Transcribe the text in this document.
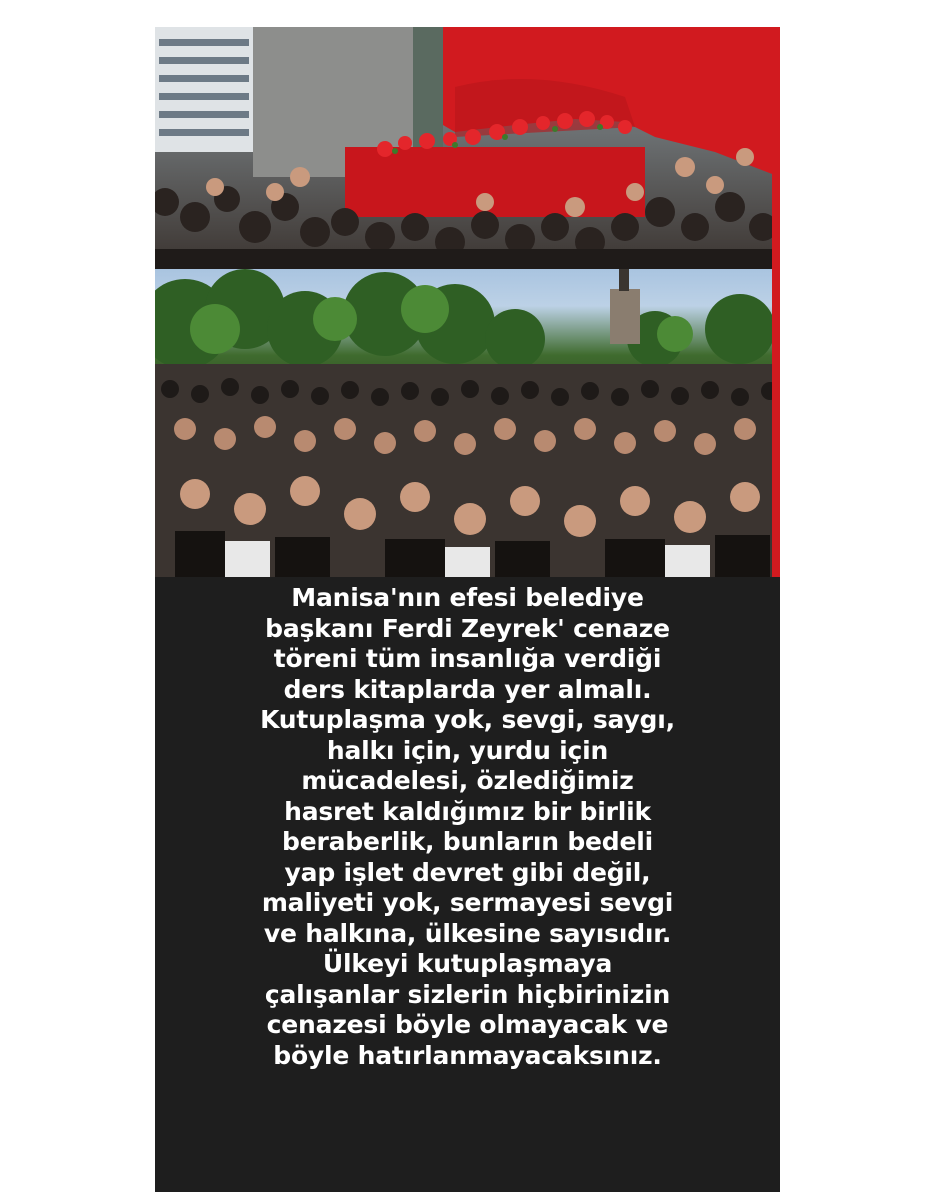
Manisa'nın efesi belediye
başkanı Ferdi Zeyrek' cenaze
töreni tüm insanlığa verdiği
ders kitaplarda yer almalı.
Kutuplaşma yok, sevgi, saygı,
halkı için, yurdu için
mücadelesi, özlediğimiz
hasret kaldığımız bir birlik
beraberlik, bunların bedeli
yap işlet devret gibi değil,
maliyeti yok, sermayesi sevgi
ve halkına, ülkesine sayısıdır.
Ülkeyi kutuplaşmaya
çalışanlar sizlerin hiçbirinizin
cenazesi böyle olmayacak ve
böyle hatırlanmayacaksınız.
